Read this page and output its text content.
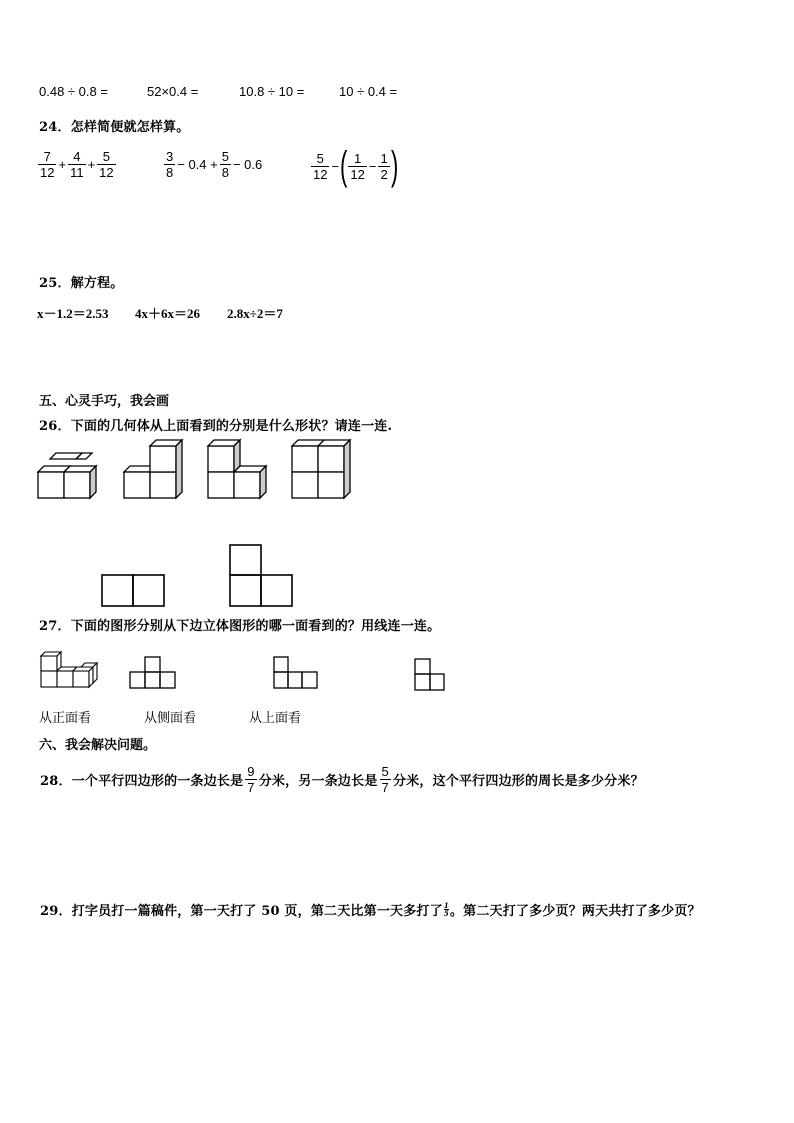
0.48 ÷ 0.8 =	52×0.4 =	10.8 ÷ 10 =	10 ÷ 0.4 =
24．怎样简便就怎样算。
$\frac{7}{12} + \frac{4}{11} + \frac{5}{12}$	$\frac{3}{8} - 0.4 + \frac{5}{8} - 0.6$	$\frac{5}{12}$ −( $\frac{1}{12} - \frac{1}{2}$ )
25．解方程。
x－1.2＝2.53 4x＋6x＝26 2.8x÷2＝7
五、心灵手巧，我会画
26．下面的几何体从上面看到的分别是什么形状？请连一连.
27．下面的图形分别从下边立体图形的哪一面看到的？用线连一连。
从正面看	从侧面看	从上面看
六、我会解决问题。
28．一个平行四边形的一条边长是 $\frac{9}{7}$ 分米，另一条边长是 $\frac{5}{7}$ 分米，这个平行四边形的周长是多少分米？
29．打字员打一篇稿件，第一天打了 50 页，第二天比第一天多打了 $\frac{1}{5}$ 。第二天打了多少页？两天共打了多少页？
